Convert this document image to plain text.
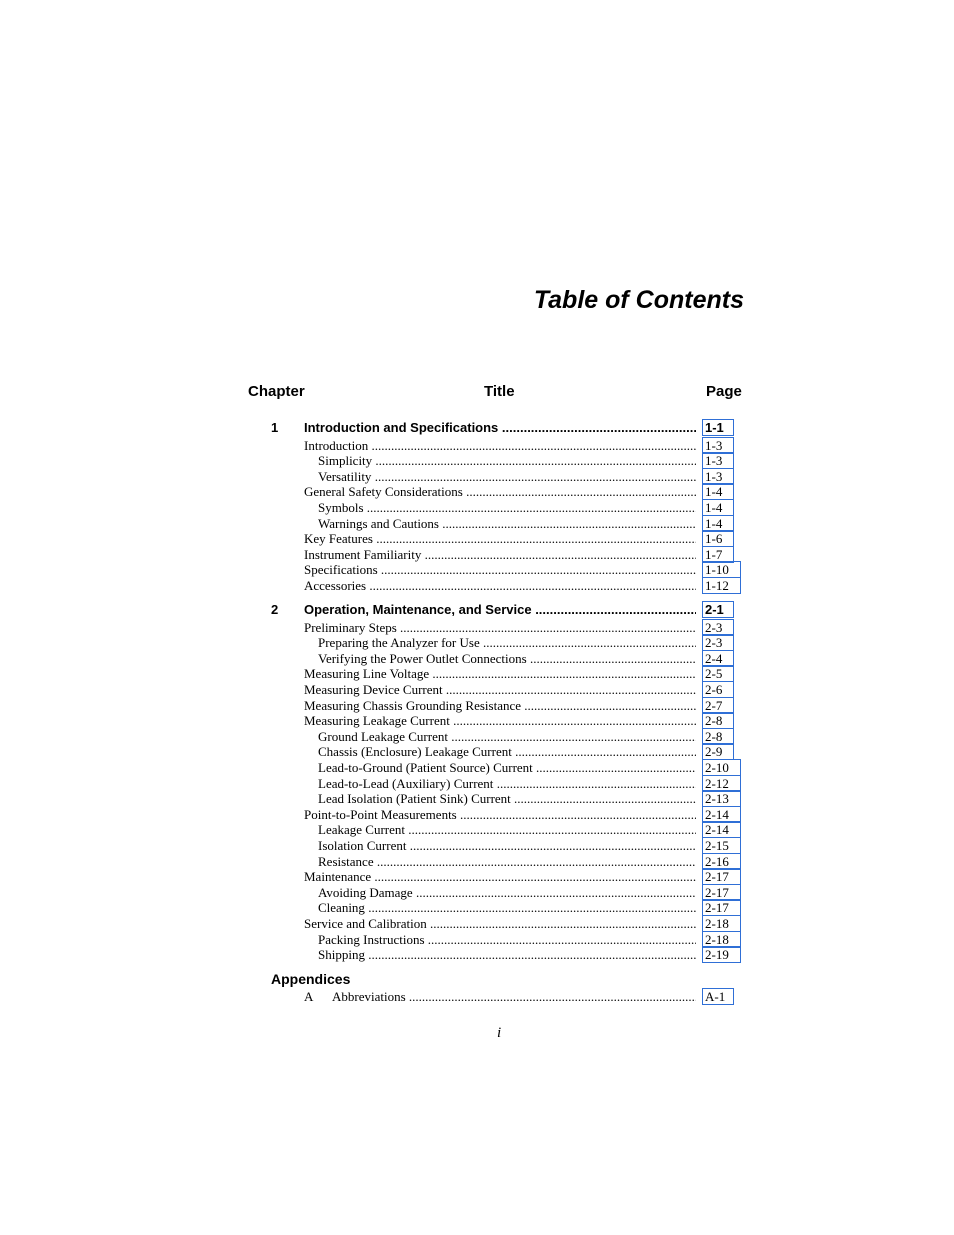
Table of Contents
Chapter	Title	Page
1 Introduction and Specifications .....	1-1
Introduction .....	1-3
Simplicity .....	1-3
Versatility .....	1-3
General Safety Considerations .....	1-4
Symbols .....	1-4
Warnings and Cautions .....	1-4
Key Features .....	1-6
Instrument Familiarity .....	1-7
Specifications .....	1-10
Accessories .....	1-12
2 Operation, Maintenance, and Service .....	2-1
Preliminary Steps .....	2-3
Preparing the Analyzer for Use .....	2-3
Verifying the Power Outlet Connections .....	2-4
Measuring Line Voltage .....	2-5
Measuring Device Current .....	2-6
Measuring Chassis Grounding Resistance .....	2-7
Measuring Leakage Current .....	2-8
Ground Leakage Current .....	2-8
Chassis (Enclosure) Leakage Current .....	2-9
Lead-to-Ground (Patient Source) Current .....	2-10
Lead-to-Lead (Auxiliary) Current .....	2-12
Lead Isolation (Patient Sink) Current .....	2-13
Point-to-Point Measurements .....	2-14
Leakage Current .....	2-14
Isolation Current .....	2-15
Resistance .....	2-16
Maintenance .....	2-17
Avoiding Damage .....	2-17
Cleaning .....	2-17
Service and Calibration .....	2-18
Packing Instructions .....	2-18
Shipping .....	2-19
Appendices
A Abbreviations .....	A-1
i
